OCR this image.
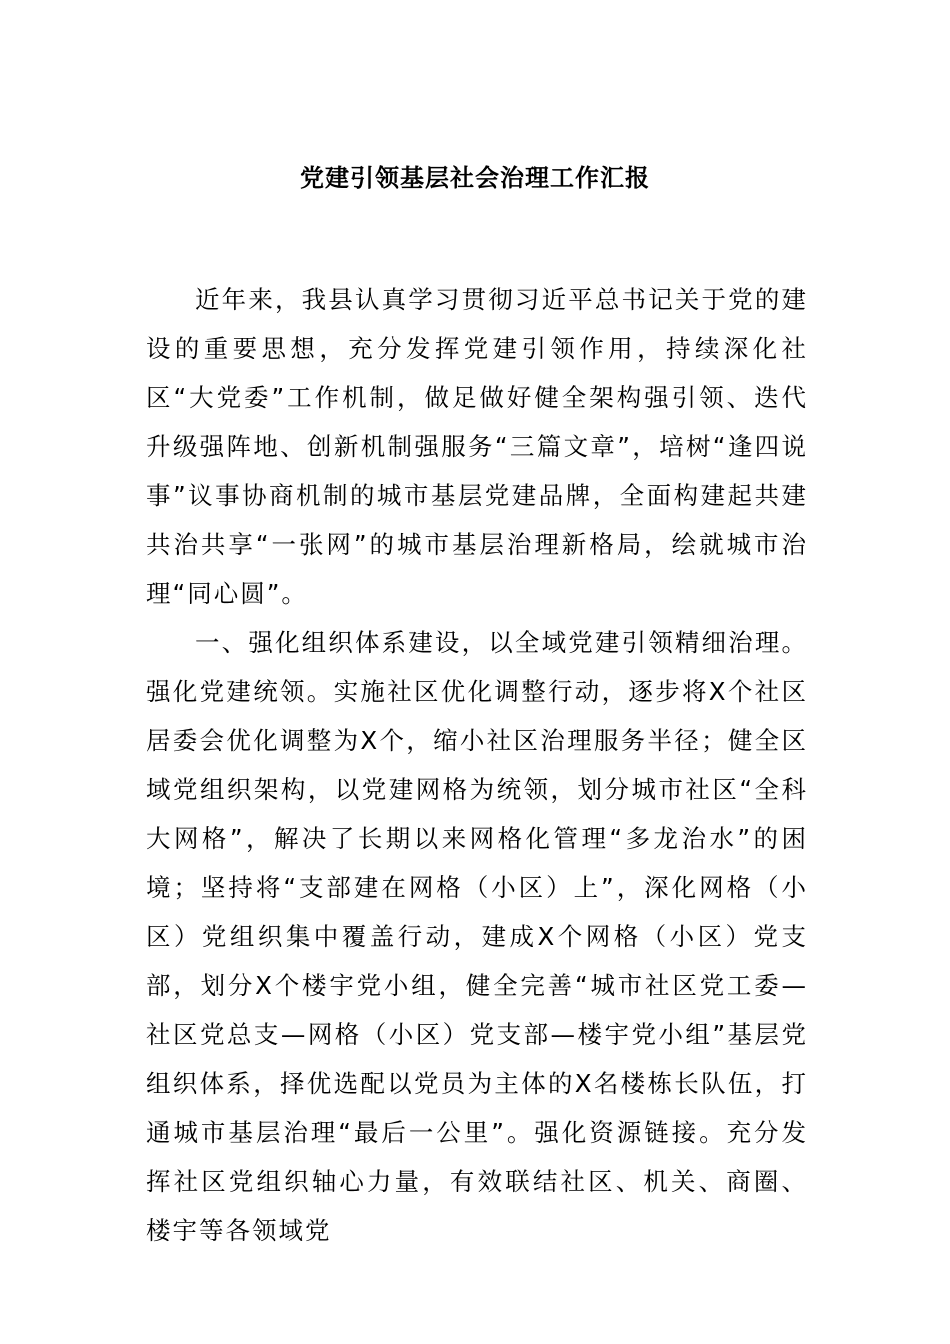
党建引领基层社会治理工作汇报

近年来，我县认真学习贯彻习近平总书记关于党的建设的重要思想，充分发挥党建引领作用，持续深化社区“大党委”工作机制，做足做好健全架构强引领、迭代升级强阵地、创新机制强服务“三篇文章”，培树“逢四说事”议事协商机制的城市基层党建品牌，全面构建起共建共治共享“一张网”的城市基层治理新格局，绘就城市治理“同心圆”。

一、强化组织体系建设，以全域党建引领精细治理。强化党建统领。实施社区优化调整行动，逐步将X个社区居委会优化调整为X个，缩小社区治理服务半径；健全区域党组织架构，以党建网格为统领，划分城市社区“全科大网格”，解决了长期以来网格化管理“多龙治水”的困境；坚持将“支部建在网格（小区）上”，深化网格（小区）党组织集中覆盖行动，建成X个网格（小区）党支部，划分X个楼宇党小组，健全完善“城市社区党工委—社区党总支—网格（小区）党支部—楼宇党小组”基层党组织体系，择优选配以党员为主体的X名楼栋长队伍，打通城市基层治理“最后一公里”。强化资源链接。充分发挥社区党组织轴心力量，有效联结社区、机关、商圈、楼宇等各领域党
